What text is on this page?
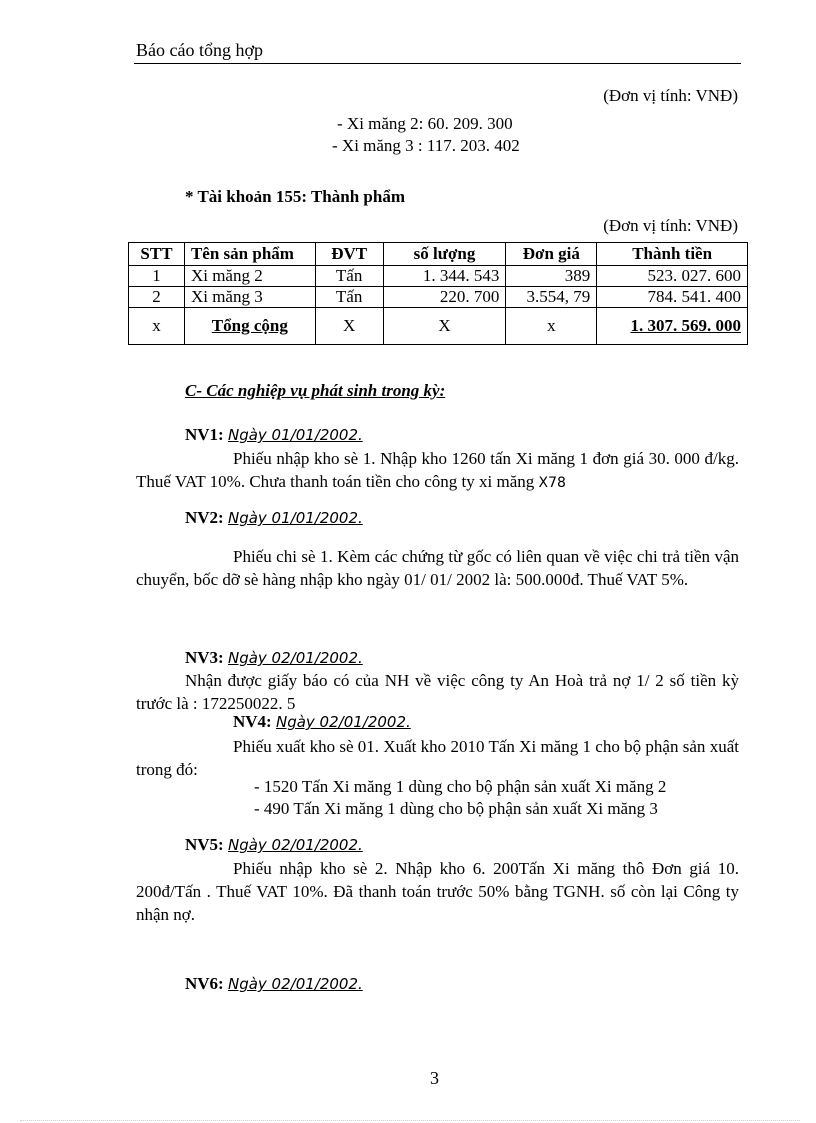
Báo cáo tổng hợp
(Đơn vị tính: VNĐ)
- Xi măng 2: 60. 209. 300
- Xi măng 3 : 117. 203. 402
* Tài khoản 155: Thành phẩm
(Đơn vị tính: VNĐ)
STT	Tên sản phẩm	ĐVT	số lượng	Đơn giá	Thành tiền
1	Xi măng 2	Tấn	1. 344. 543	389	523. 027. 600
2	Xi măng 3	Tấn	220. 700	3.554, 79	784. 541. 400
x	Tổng cộng	X	X	x	1. 307. 569. 000
C- Các nghiệp vụ phát sinh trong kỳ:
NV1: Ngày 01/01/2002.
Phiếu nhập kho sè 1. Nhập kho 1260 tấn Xi măng 1 đơn giá 30. 000 đ/kg. Thuế VAT 10%. Chưa thanh toán tiền cho công ty xi măng X78
NV2: Ngày 01/01/2002.
Phiếu chi sè 1. Kèm các chứng từ gốc có liên quan về việc chi trả tiền vận chuyển, bốc dỡ sè hàng nhập kho ngày 01/ 01/ 2002 là: 500.000đ. Thuế VAT 5%.
NV3: Ngày 02/01/2002.
Nhận được giấy báo có của NH về việc công ty An Hoà trả nợ 1/ 2 số tiền kỳ trước là : 172250022. 5
NV4: Ngày 02/01/2002.
Phiếu xuất kho sè 01. Xuất kho 2010 Tấn Xi măng 1 cho bộ phận sản xuất trong đó:
- 1520 Tấn Xi măng 1 dùng cho bộ phận sản xuất Xi măng 2
- 490 Tấn Xi măng 1 dùng cho bộ phận sản xuất Xi măng 3
NV5: Ngày 02/01/2002.
Phiếu nhập kho sè 2. Nhập kho 6. 200Tấn Xi măng thô Đơn giá 10. 200đ/Tấn . Thuế VAT 10%. Đã thanh toán trước 50% bằng TGNH. số còn lại Công ty nhận nợ.
NV6: Ngày 02/01/2002.
3
